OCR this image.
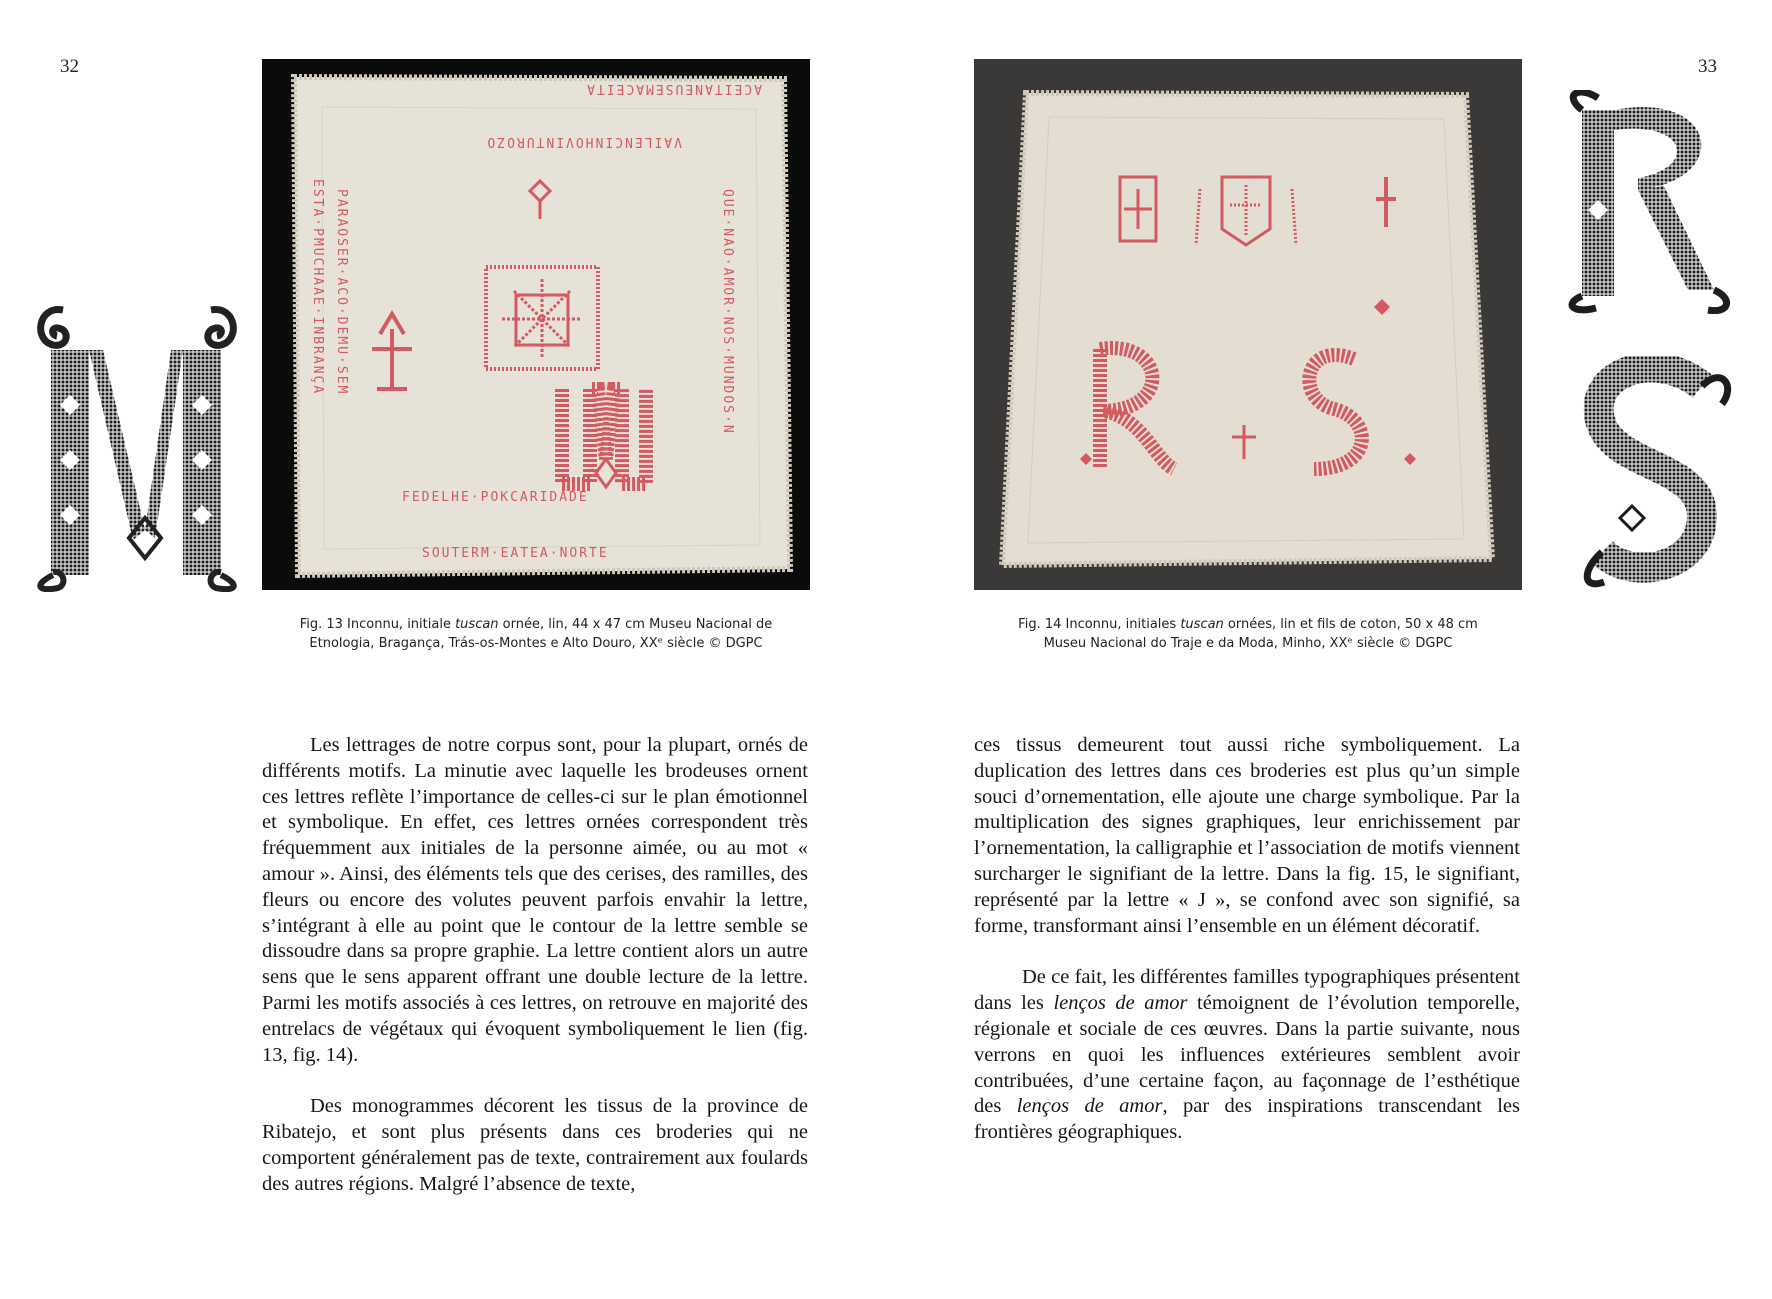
32
ACEITANEUSEMACEITA
VAILENCINHOVINTUROZO
ESTA·PMUCHAAE·INBRANÇA PARAOSER·ACO·DEMU·SEM	QUE·NAO·AMOR·NOS·MUNDOS·N
FEDELHE·POKCARIDADE
SOUTERM·EATEA·NORTE
Fig. 13 Inconnu, initiale tuscan ornée, lin, 44 x 47 cm Museu Nacional de
Etnologia, Bragança, Trás-os-Montes e Alto Douro, XXᵉ siècle © DGPC

Les lettrages de notre corpus sont, pour la plupart, ornés de différents motifs. La minutie avec laquelle les brodeuses ornent ces lettres reflète l’importance de celles-ci sur le plan émotionnel et symbolique. En effet, ces lettres ornées correspondent très fréquemment aux initiales de la personne aimée, ou au mot « amour ». Ainsi, des éléments tels que des cerises, des ramilles, des fleurs ou encore des volutes peuvent parfois envahir la lettre, s’intégrant à elle au point que le contour de la lettre semble se dissoudre dans sa propre graphie. La lettre contient alors un autre sens que le sens apparent offrant une double lecture de la lettre. Parmi les motifs associés à ces lettres, on retrouve en majorité des entrelacs de végétaux qui évoquent symboliquement le lien (fig. 13, fig. 14).

Des monogrammes décorent les tissus de la province de Ribatejo, et sont plus présents dans ces broderies qui ne comportent généralement pas de texte, contrairement aux foulards des autres régions. Malgré l’absence de texte,

33
Fig. 14 Inconnu, initiales tuscan ornées, lin et fils de coton, 50 x 48 cm
Museu Nacional do Traje e da Moda, Minho, XXᵉ siècle © DGPC

ces tissus demeurent tout aussi riche symboliquement. La duplication des lettres dans ces broderies est plus qu’un simple souci d’ornementation, elle ajoute une charge symbolique. Par la multiplication des signes graphiques, leur enrichissement par l’ornementation, la calligraphie et l’association de motifs viennent surcharger le signifiant de la lettre. Dans la fig. 15, le signifiant, représenté par la lettre « J », se confond avec son signifié, sa forme, transformant ainsi l’ensemble en un élément décoratif.

De ce fait, les différentes familles typographiques présentent dans les lenços de amor témoignent de l’évolution temporelle, régionale et sociale de ces œuvres. Dans la partie suivante, nous verrons en quoi les influences extérieures semblent avoir contribuées, d’une certaine façon, au façonnage de l’esthétique des lenços de amor, par des inspirations transcendant les frontières géographiques.
